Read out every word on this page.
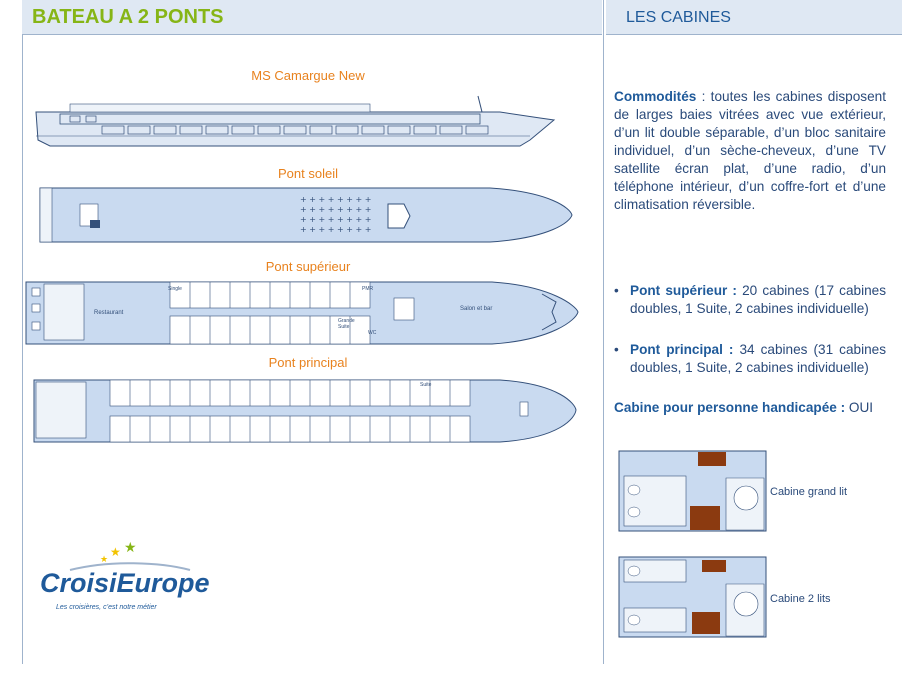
BATEAU A 2 PONTS	LES CABINES
MS Camargue New
Pont soleil
+ + + + + + + +
+ + + + + + + +
+ + + + + + + +
+ + + + + + + +
Pont supérieur
Restaurant
Salon et bar
PMR
Grande Suite
WC
Single
Pont principal
Suite
★ ★
★
CroisiEurope
Les croisières, c’est notre métier
Commodités : toutes les cabines disposent de larges baies vitrées avec vue extérieur, d’un lit double séparable, d’un bloc sanitaire individuel, d’un sèche-cheveux, d’une TV satellite écran plat, d’une radio, d’un téléphone intérieur, d’un coffre-fort et d’une climatisation réversible.
• Pont supérieur : 20 cabines (17 cabines doubles, 1 Suite, 2 cabines individuelle)
• Pont principal : 34 cabines (31 cabines doubles, 1 Suite, 2 cabines individuelle)
Cabine pour personne handicapée : OUI
Cabine grand lit
Cabine 2 lits
